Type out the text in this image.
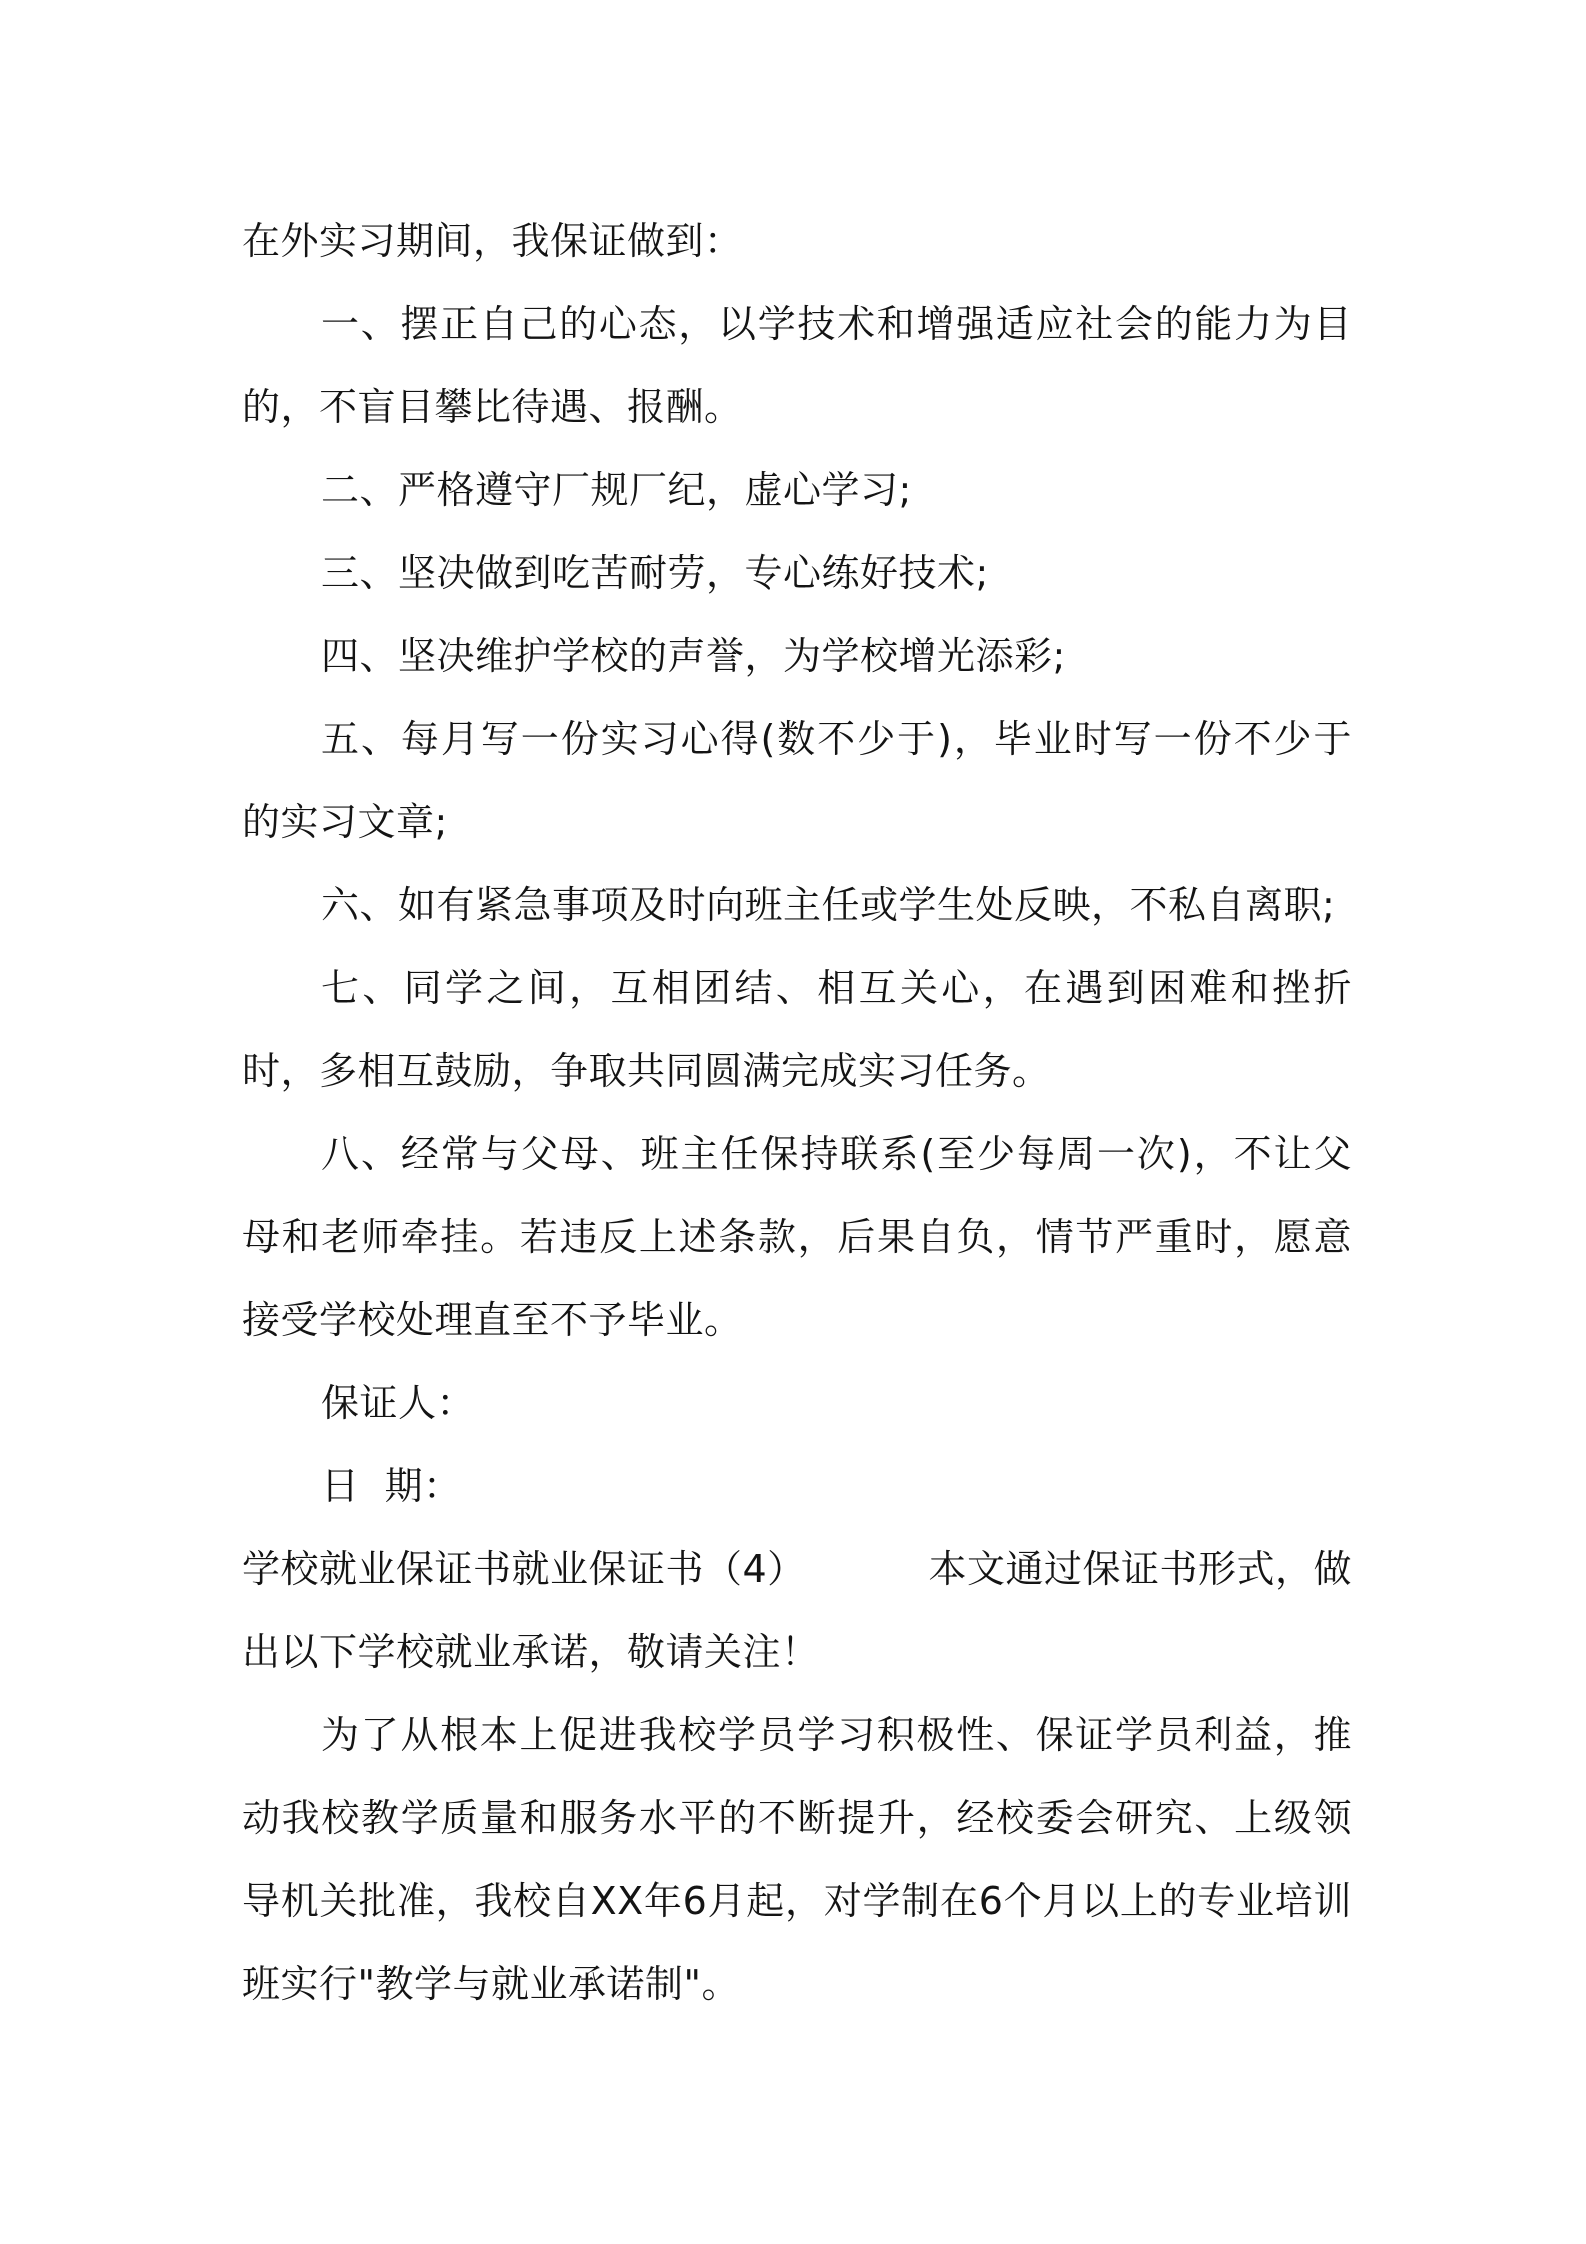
在外实习期间，我保证做到：

一、摆正自己的心态，以学技术和增强适应社会的能力为目的，不盲目攀比待遇、报酬。

二、严格遵守厂规厂纪，虚心学习;

三、坚决做到吃苦耐劳，专心练好技术;

四、坚决维护学校的声誉，为学校增光添彩;

五、每月写一份实习心得(数不少于)，毕业时写一份不少于的实习文章;

六、如有紧急事项及时向班主任或学生处反映，不私自离职;

七、同学之间，互相团结、相互关心，在遇到困难和挫折时，多相互鼓励，争取共同圆满完成实习任务。

八、经常与父母、班主任保持联系(至少每周一次)，不让父母和老师牵挂。若违反上述条款，后果自负，情节严重时，愿意接受学校处理直至不予毕业。

保证人：

日  期：

学校就业保证书就业保证书（4）	本文通过保证书形式，做

出以下学校就业承诺，敬请关注！

为了从根本上促进我校学员学习积极性、保证学员利益，推动我校教学质量和服务水平的不断提升，经校委会研究、上级领导机关批准，我校自XX年6月起，对学制在6个月以上的专业培训班实行"教学与就业承诺制"。
